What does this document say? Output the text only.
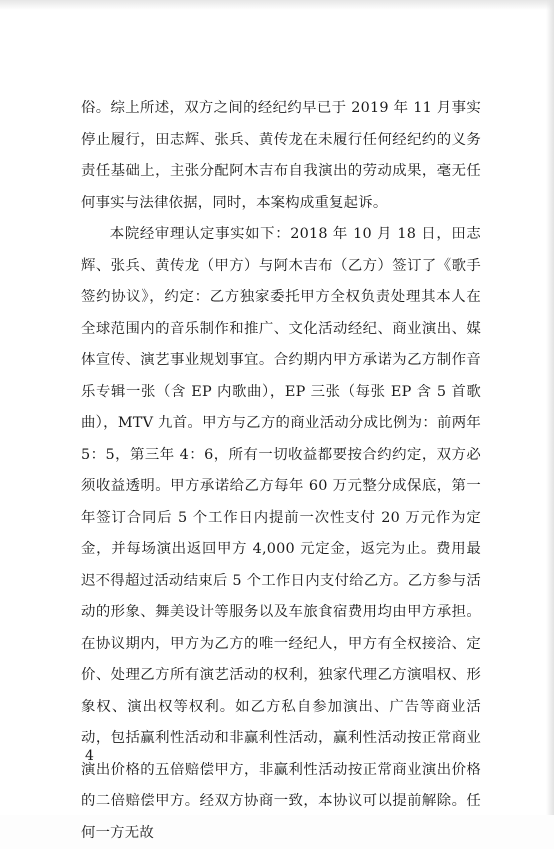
俗。综上所述，双方之间的经纪约早已于 2019 年 11 月事实停止履行，田志辉、张兵、黄传龙在未履行任何经纪约的义务责任基础上，主张分配阿木吉布自我演出的劳动成果，毫无任何事实与法律依据，同时，本案构成重复起诉。

本院经审理认定事实如下：2018 年 10 月 18 日，田志辉、张兵、黄传龙（甲方）与阿木吉布（乙方）签订了《歌手签约协议》，约定：乙方独家委托甲方全权负责处理其本人在全球范围内的音乐制作和推广、文化活动经纪、商业演出、媒体宣传、演艺事业规划事宜。合约期内甲方承诺为乙方制作音乐专辑一张（含 EP 内歌曲），EP 三张（每张 EP 含 5 首歌曲），MTV 九首。甲方与乙方的商业活动分成比例为：前两年 5：5，第三年 4：6，所有一切收益都要按合约约定，双方必须收益透明。甲方承诺给乙方每年 60 万元整分成保底，第一年签订合同后 5 个工作日内提前一次性支付 20 万元作为定金，并每场演出返回甲方 4,000 元定金，返完为止。费用最迟不得超过活动结束后 5 个工作日内支付给乙方。乙方参与活动的形象、舞美设计等服务以及车旅食宿费用均由甲方承担。在协议期内，甲方为乙方的唯一经纪人，甲方有全权接洽、定价、处理乙方所有演艺活动的权利，独家代理乙方演唱权、形象权、演出权等权利。如乙方私自参加演出、广告等商业活动，包括赢利性活动和非赢利性活动，赢利性活动按正常商业演出价格的五倍赔偿甲方，非赢利性活动按正常商业演出价格的二倍赔偿甲方。经双方协商一致，本协议可以提前解除。任何一方无故

4
